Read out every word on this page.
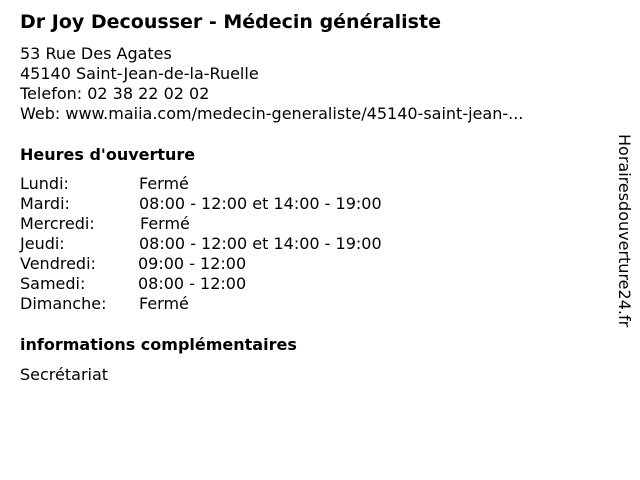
Dr Joy Decousser - Médecin généraliste
53 Rue Des Agates
45140 Saint-Jean-de-la-Ruelle
Telefon: 02 38 22 02 02
Web: www.maiia.com/medecin-generaliste/45140-saint-jean-...
Heures d'ouverture
Lundi:	Fermé
Mardi:	08:00 - 12:00 et 14:00 - 19:00
Mercredi:	Fermé
Jeudi:	08:00 - 12:00 et 14:00 - 19:00
Vendredi:	09:00 - 12:00
Samedi:	08:00 - 12:00
Dimanche: Fermé
informations complémentaires
Secrétariat
Horairesdouverture24.fr
